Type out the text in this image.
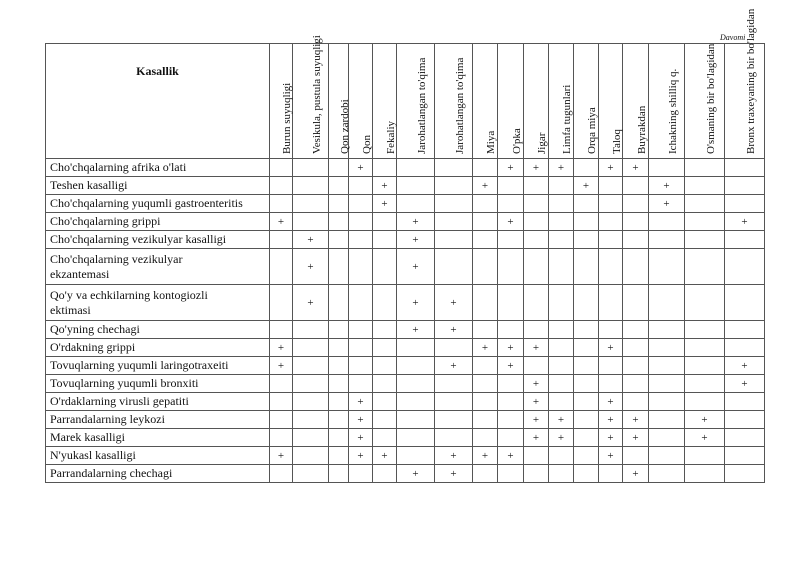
Davomi
Kasallik	Burun suyuqligi	Vesikula, pustula suyuqligi	Qon zardobi	Qon	Fekaliy	Jarohatlangan to'qima	Jarohatlangan to'qima	Miya	O'pka	Jigar	Limfa tugunlari	Orqa miya	Taloq	Buyrakdan	Ichakning shilliq q.	O'smaning bir bo'lagidan	Bronx traxeyaning bir bo'lagidan

Cho'chqalarning afrika o'lati				+					+	+	+		+	+			

Teshen kasalligi					+			+				+			+		

Cho'chqalarning yuqumli gastroenteritis					+										+		

Cho'chqalarning grippi	+					+			+								+

Cho'chqalarning vezikulyar kasalligi		+				+											

Cho'chqalarning vezikulyar
ekzantemasi		+				+											

Qo'y va echkilarning kontogiozli
ektimasi		+				+	+										

Qo'yning chechagi						+	+										

O'rdakning grippi	+							+	+	+			+				

Tovuqlarning yuqumli laringotraxeiti	+						+		+								+

Tovuqlarning yuqumli bronxiti										+							+

O'rdaklarning virusli gepatiti				+						+			+				

Parrandalarning leykozi				+						+	+		+	+		+	

Marek kasalligi				+						+	+		+	+		+	

N'yukasl kasalligi	+			+	+		+	+	+				+				

Parrandalarning chechagi						+	+							+			
